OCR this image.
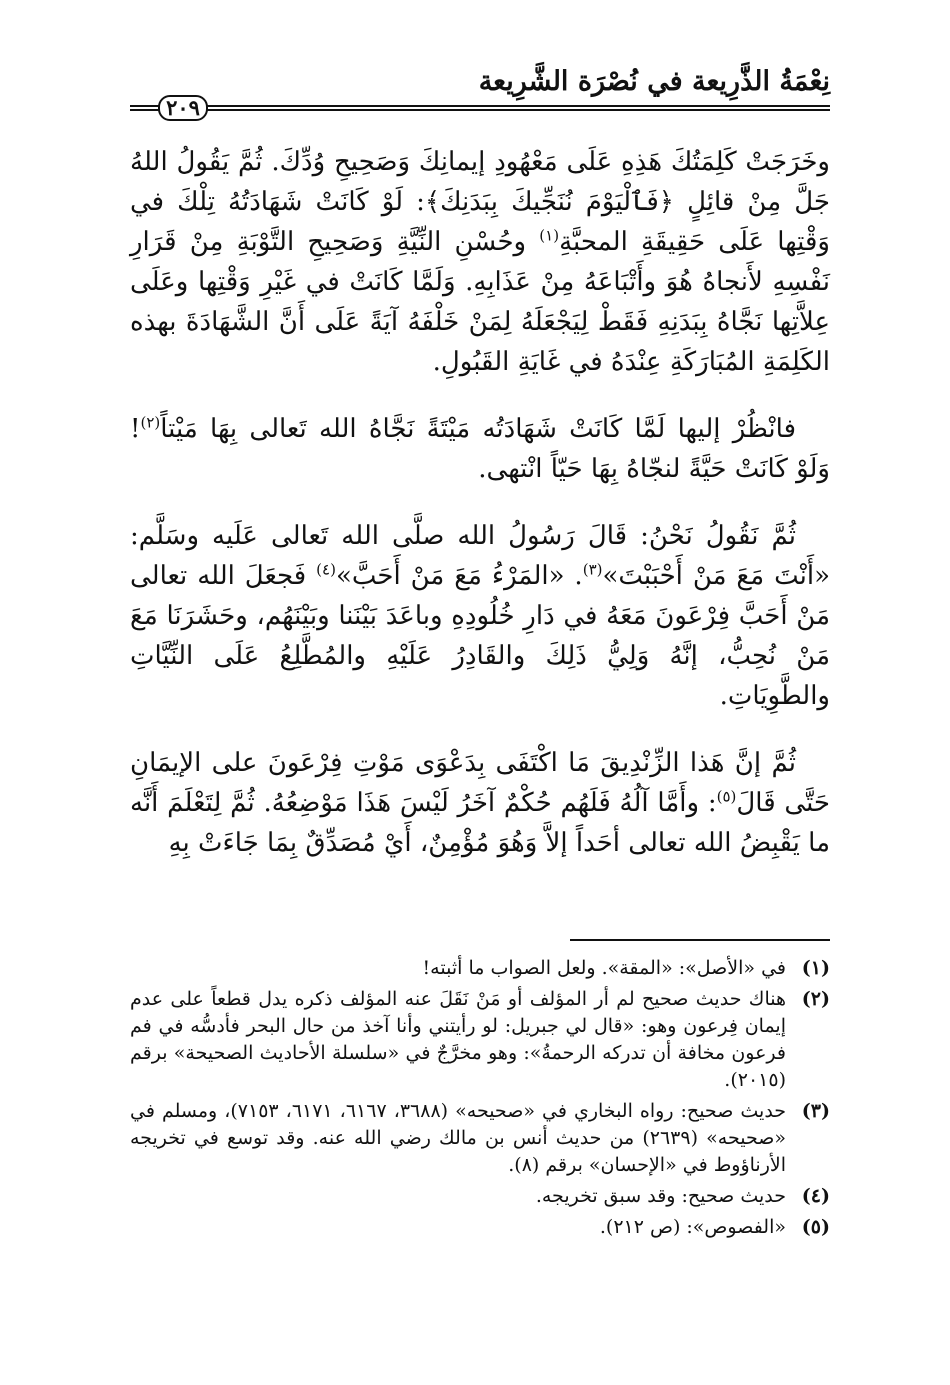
نِعْمَةُ الذَّرِيعة في نُصْرَة الشَّرِيعة
٢٠٩

وخَرَجَتْ كَلِمَتُكَ هَذِهِ عَلَى مَعْهُودِ إيمانِكَ وَصَحِيحِ وُدِّكَ. ثُمَّ يَقُولُ اللهُ جَلَّ مِنْ قائِلٍ ﴿فَٱلْيَوْمَ نُنَجِّيكَ بِبَدَنِكَ﴾: لَوْ كَانَتْ شَهَادَتُهُ تِلْكَ في وَقْتِها عَلَى حَقِيقَةِ المحبَّةِ$^{(١)}$ وحُسْنِ النِّيَّةِ وَصَحِيحِ التَّوْبَةِ مِنْ قَرَارِ نَفْسِهِ لأَنجاهُ هُوَ وأَتْبَاعَهُ مِنْ عَذَابِهِ. وَلَمَّا كَانَتْ في غَيْرِ وَقْتِها وعَلَى عِلاَّتِها نَجَّاهُ بِبَدَنِهِ فَقَطْ لِيَجْعَلَهُ لِمَنْ خَلْفَهُ آيَةً عَلَى أَنَّ الشَّهَادَةَ بهذه الكَلِمَةِ المُبَارَكَةِ عِنْدَهُ في غَايَةِ القَبُولِ.

فانْظُرْ إليها لَمَّا كَانَتْ شَهَادَتُه مَيْتَةً نَجَّاهُ الله تَعالى بِهَا مَيْتاً$^{(٢)}$! وَلَوْ كَانَتْ حَيَّةً لنجّاهُ بِهَا حَيّاً انْتهى.

ثُمَّ نَقُولُ نَحْنُ: قَالَ رَسُولُ الله صلَّى الله تَعالى عَلَيه وسَلَّم: «أَنْتَ مَعَ مَنْ أَحْبَبْتَ»$^{(٣)}$. «المَرْءُ مَعَ مَنْ أَحَبَّ»$^{(٤)}$ فَجعَلَ الله تعالى مَنْ أَحَبَّ فِرْعَونَ مَعَهُ في دَارِ خُلُودِهِ وباعَدَ بَيْنَنا وبَيْنَهُم، وحَشَرَنَا مَعَ مَنْ نُحِبُّ، إنَّهُ وَلِيُّ ذَلِكَ والقَادِرُ عَلَيْهِ والمُطَّلِعُ عَلَى النِّيَّاتِ والطَّوِيَاتِ.

ثُمَّ إنَّ هَذا الزِّنْدِيقَ مَا اكْتَفَى بِدَعْوَى مَوْتِ فِرْعَونَ على الإيمَانِ حَتَّى قَالَ$^{(٥)}$: وأَمَّا آلُهُ فَلَهُم حُكْمٌ آخَرُ لَيْسَ هَذَا مَوْضِعُهُ. ثُمَّ لِتَعْلَمَ أَنَّه ما يَقْبِضُ الله تعالى أحَداً إلاَّ وَهُوَ مُؤْمِنٌ، أَيْ مُصَدِّقٌ بِمَا جَاءَتْ بِهِ

(١)
في «الأصل»: «المقة». ولعل الصواب ما أثبته!
(٢)
هناك حديث صحيح لم أر المؤلف أو مَنْ نَقَلَ عنه المؤلف ذكره يدل قطعاً على عدم إيمان فِرعون وهو: «قال لي جبريل: لو رأيتني وأنا آخذ من حال البحر فأدسُّه في فم فرعون مخافة أن تدركه الرحمةُ»: وهو مخرَّجٌ في «سلسلة الأحاديث الصحيحة» برقم (٢٠١٥).
(٣)
حديث صحيح: رواه البخاري في «صحيحه» (٣٦٨٨، ٦١٦٧، ٦١٧١، ٧١٥٣)، ومسلم في «صحيحه» (٢٦٣٩) من حديث أنس بن مالك رضي الله عنه. وقد توسع في تخريجه الأرناؤوط في «الإحسان» برقم (٨).
(٤)
حديث صحيح: وقد سبق تخريجه.
(٥)
«الفصوص»: (ص ٢١٢).
